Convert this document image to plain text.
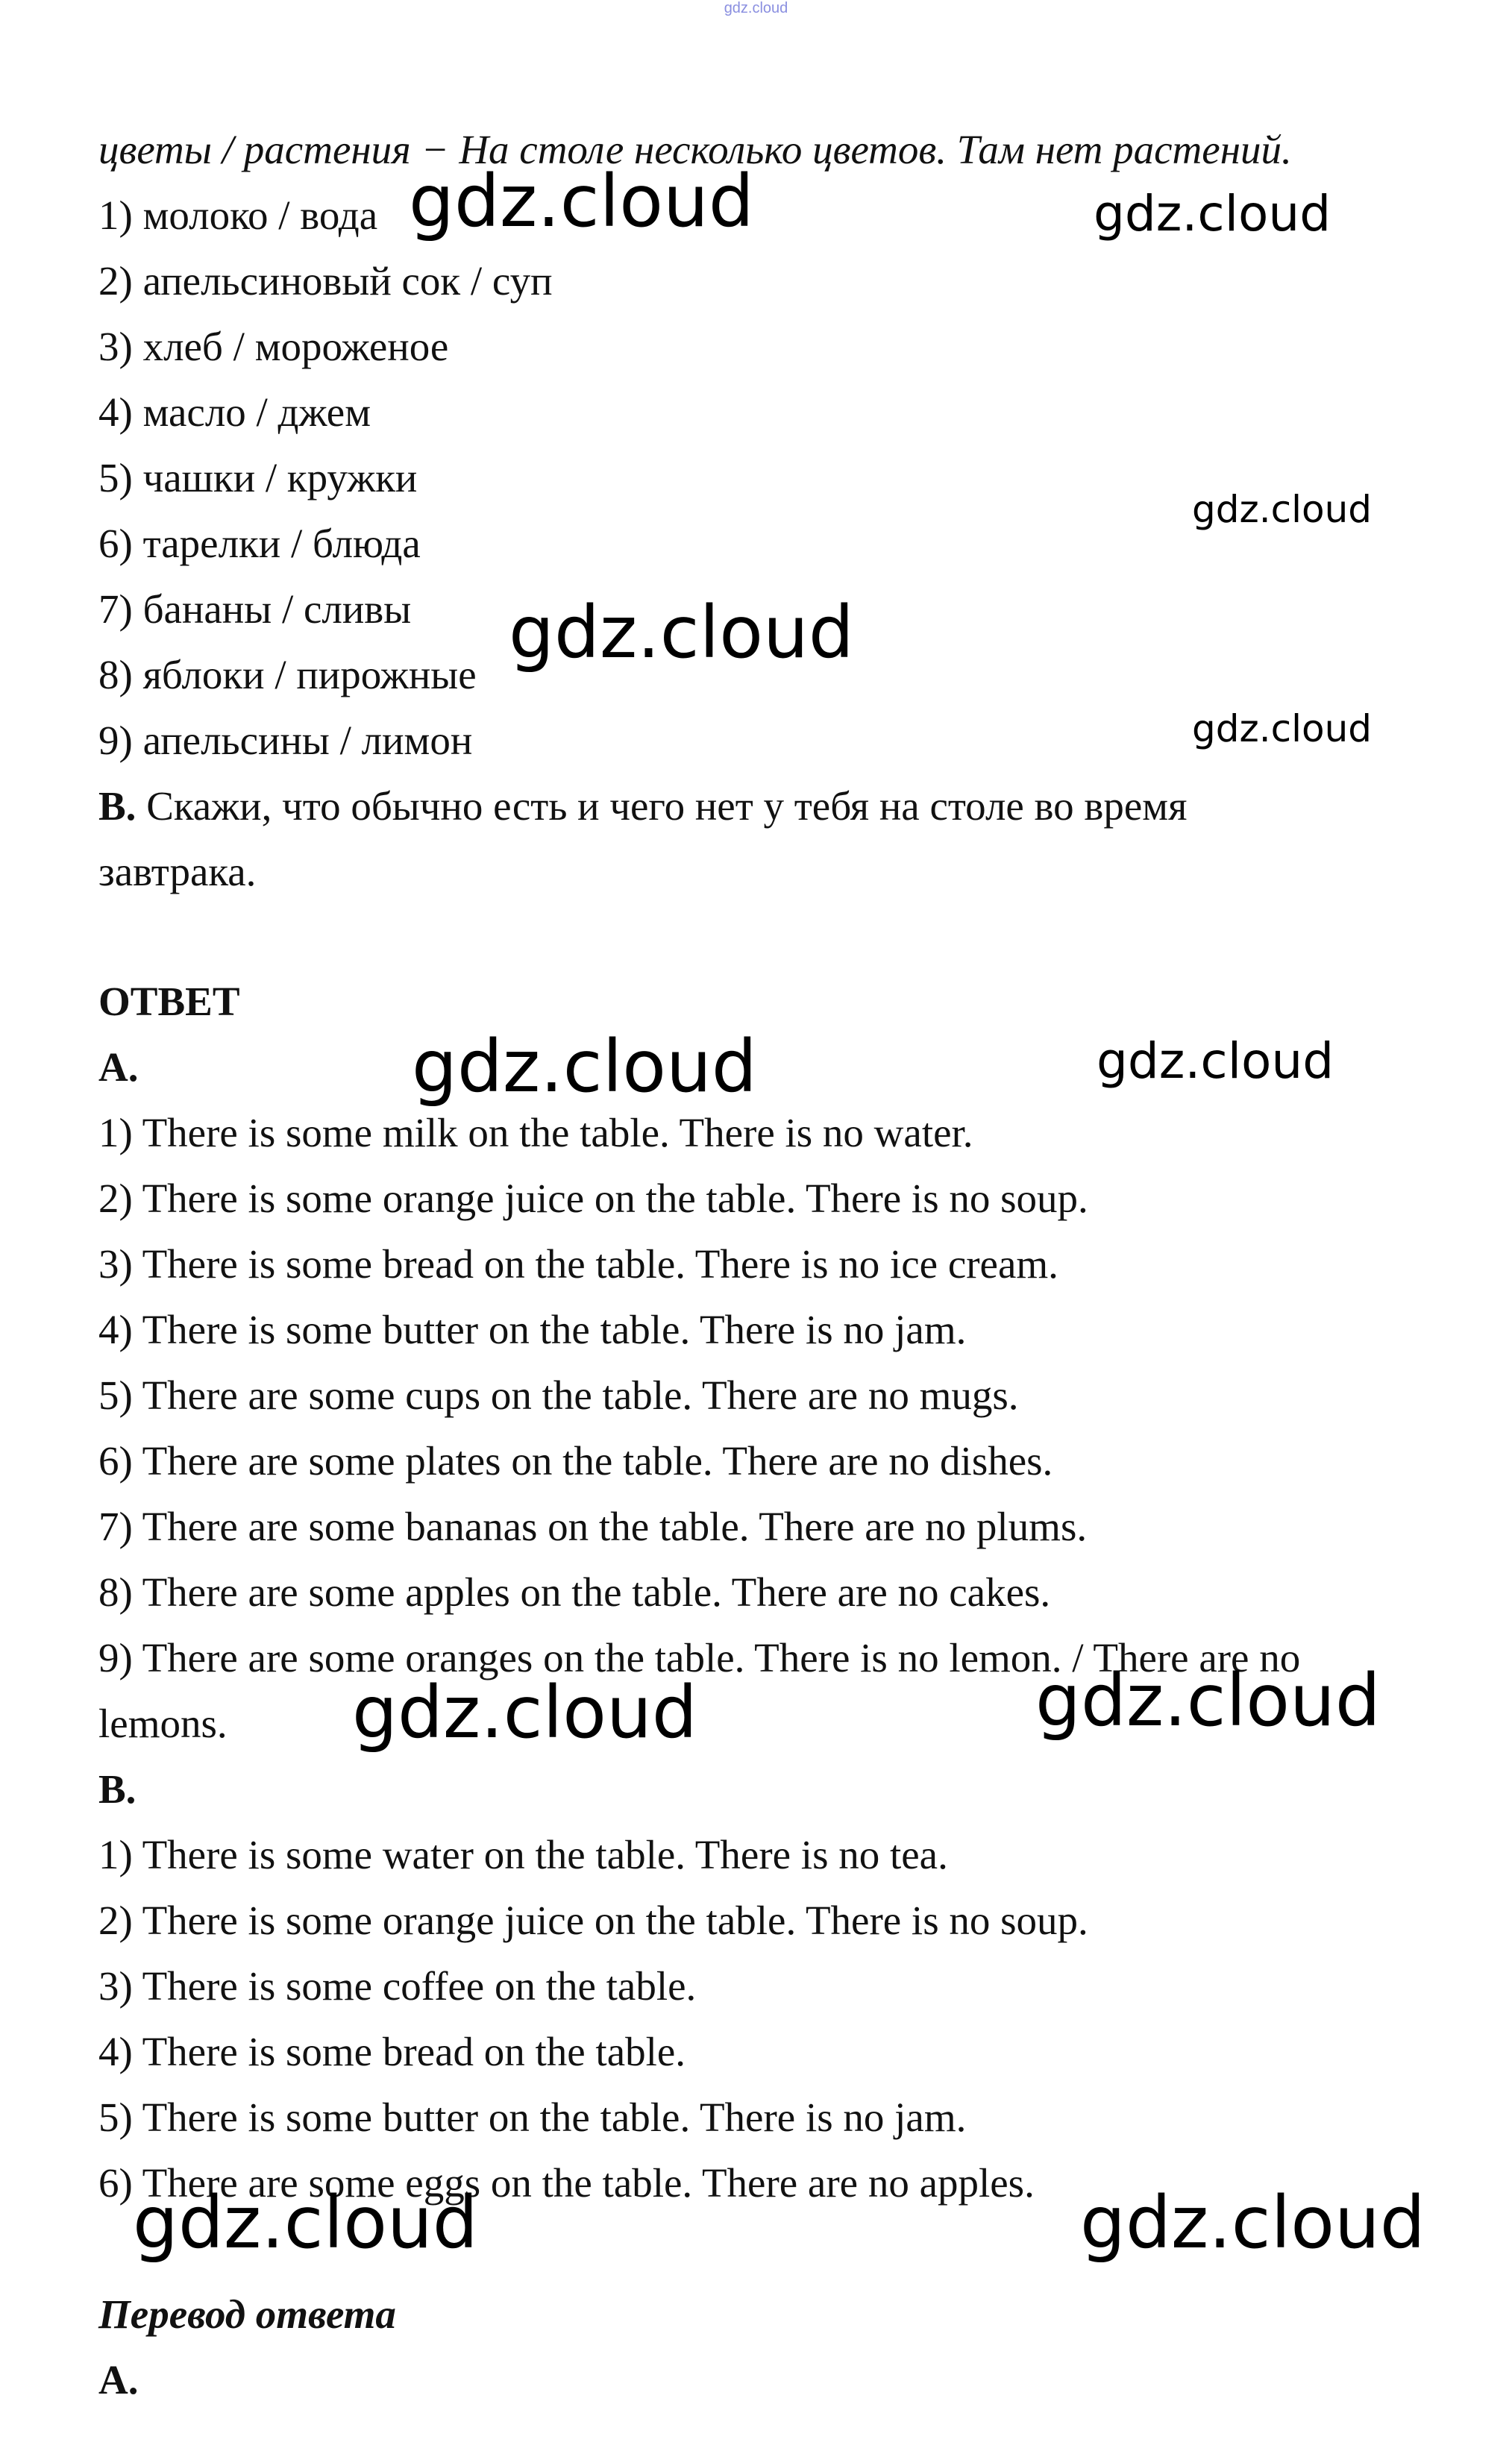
gdz.cloud
цветы / растения − На столе несколько цветов. Там нет растений.
1) молоко / вода
2) апельсиновый сок / суп
3) хлеб / мороженое
4) масло / джем
5) чашки / кружки
6) тарелки / блюда
7) бананы / сливы
8) яблоки / пирожные
9) апельсины / лимон
B. Скажи, что обычно есть и чего нет у тебя на столе во время
завтрака.
ОТВЕТ
A.
1) There is some milk on the table. There is no water.
2) There is some orange juice on the table. There is no soup.
3) There is some bread on the table. There is no ice cream.
4) There is some butter on the table. There is no jam.
5) There are some cups on the table. There are no mugs.
6) There are some plates on the table. There are no dishes.
7) There are some bananas on the table. There are no plums.
8) There are some apples on the table. There are no cakes.
9) There are some oranges on the table. There is no lemon. / There are no
lemons.
B.
1) There is some water on the table. There is no tea.
2) There is some orange juice on the table. There is no soup.
3) There is some coffee on the table.
4) There is some bread on the table.
5) There is some butter on the table. There is no jam.
6) There are some eggs on the table. There are no apples.
Перевод ответа
A.
gdz.cloud	gdz.cloud
gdz.cloud
gdz.cloud
gdz.cloud
gdz.cloud	gdz.cloud
gdz.cloud
gdz.cloud
gdz.cloud	gdz.cloud
